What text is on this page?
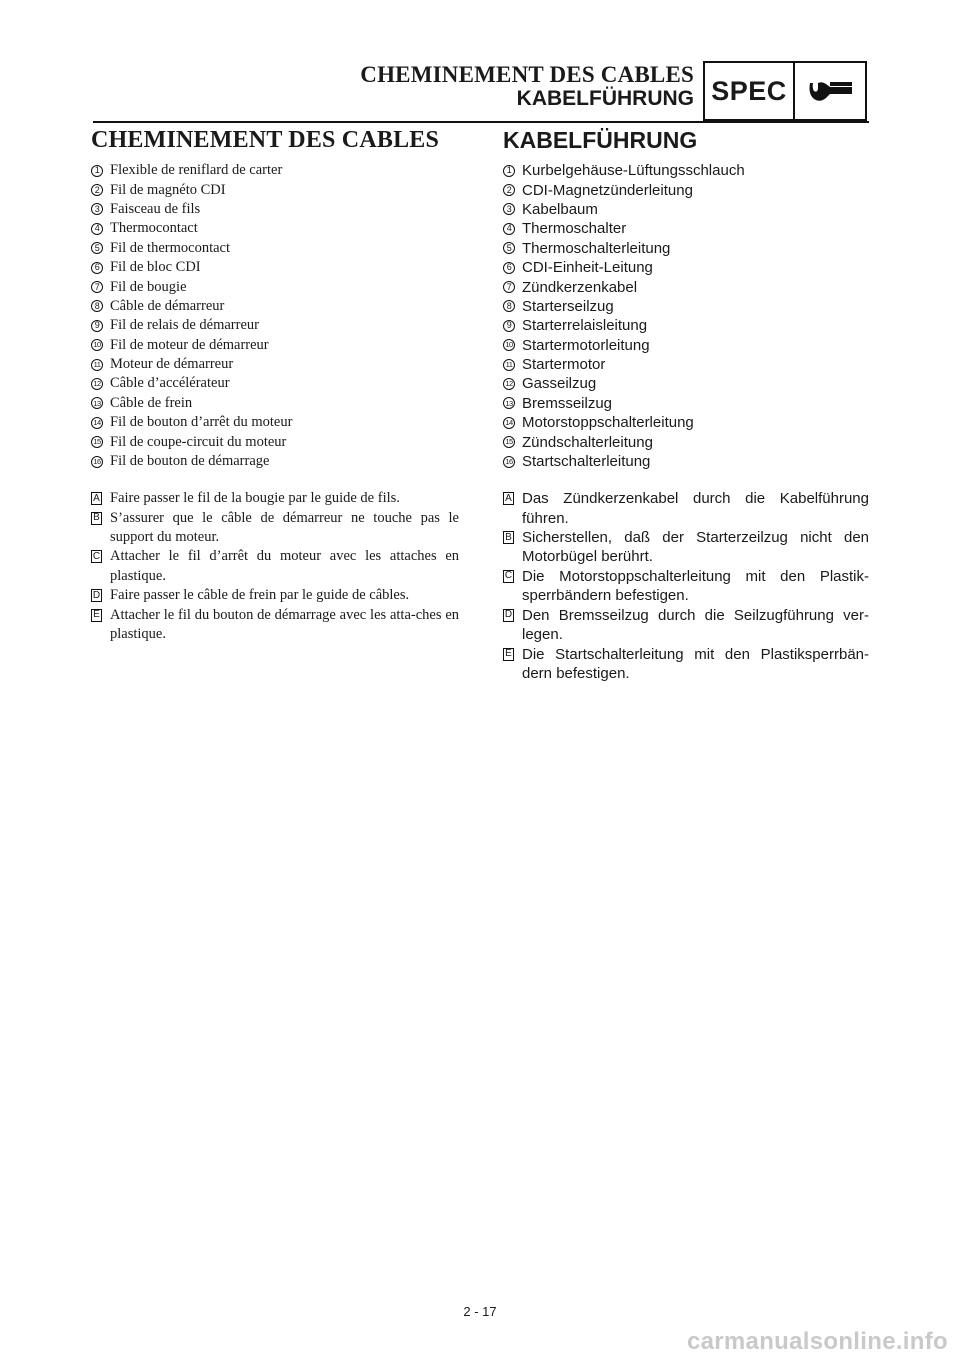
CHEMINEMENT DES CABLES
KABELFÜHRUNG SPEC
CHEMINEMENT DES CABLES
1 Flexible de reniflard de carter
2 Fil de magnéto CDI
3 Faisceau de fils
4 Thermocontact
5 Fil de thermocontact
6 Fil de bloc CDI
7 Fil de bougie
8 Câble de démarreur
9 Fil de relais de démarreur
10 Fil de moteur de démarreur
11 Moteur de démarreur
12 Câble d’accélérateur
13 Câble de frein
14 Fil de bouton d’arrêt du moteur
15 Fil de coupe-circuit du moteur
16 Fil de bouton de démarrage
A Faire passer le fil de la bougie par le guide de fils.
B S’assurer que le câble de démarreur ne touche pas le support du moteur.
C Attacher le fil d’arrêt du moteur avec les attaches en plastique.
D Faire passer le câble de frein par le guide de câbles.
E Attacher le fil du bouton de démarrage avec les atta-ches en plastique.
KABELFÜHRUNG
1 Kurbelgehäuse-Lüftungsschlauch
2 CDI-Magnetzünderleitung
3 Kabelbaum
4 Thermoschalter
5 Thermoschalterleitung
6 CDI-Einheit-Leitung
7 Zündkerzenkabel
8 Starterseilzug
9 Starterrelaisleitung
10 Startermotorleitung
11 Startermotor
12 Gasseilzug
13 Bremsseilzug
14 Motorstoppschalterleitung
15 Zündschalterleitung
16 Startschalterleitung
A Das Zündkerzenkabel durch die Kabelführung führen.
B Sicherstellen, daß der Starterzeilzug nicht den Motorbügel berührt.
C Die Motorstoppschalterleitung mit den Plastik-sperrbändern befestigen.
D Den Bremsseilzug durch die Seilzugführung ver-legen.
E Die Startschalterleitung mit den Plastiksperrbän-dern befestigen.
2 - 17
carmanualsonline.info
